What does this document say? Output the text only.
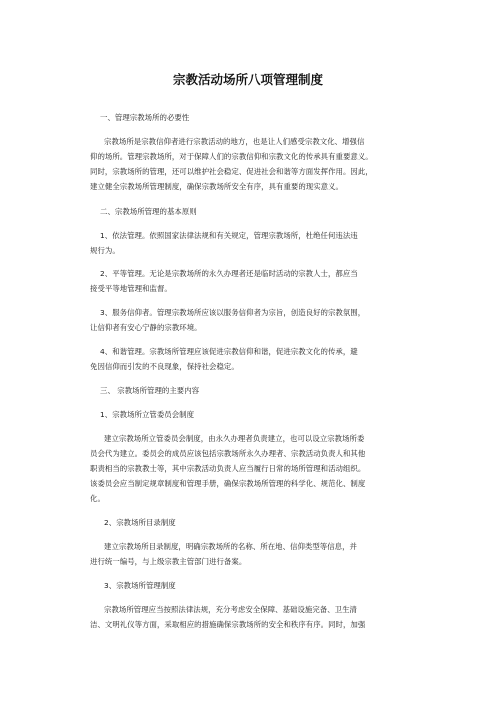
宗教活动场所八项管理制度
一、管理宗教场所的必要性
宗教场所是宗教信仰者进行宗教活动的地方，也是让人们感受宗教文化、增强信
仰的场所。管理宗教场所，对于保障人们的宗教信仰和宗教文化的传承具有重要意义。
同时，宗教场所的管理，还可以维护社会稳定、促进社会和谐等方面发挥作用。因此，
建立健全宗教场所管理制度，确保宗教场所安全有序，具有重要的现实意义。
二、宗教场所管理的基本原则
1、依法管理。依照国家法律法规和有关规定，管理宗教场所，杜绝任何违法违
规行为。
2、平等管理。无论是宗教场所的永久办理者还是临时活动的宗教人士，都应当
接受平等地管理和监督。
3、服务信仰者。管理宗教场所应该以服务信仰者为宗旨，创造良好的宗教氛围，
让信仰者有安心宁静的宗教环境。
4、和谐管理。宗教场所管理应该促进宗教信仰和谐，促进宗教文化的传承，避
免因信仰而引发的不良现象，保持社会稳定。
三、 宗教场所管理的主要内容
1、宗教场所立管委员会制度
建立宗教场所立管委员会制度，由永久办理者负责建立，也可以设立宗教场所委
员会代为建立。委员会的成员应该包括宗教场所永久办理者、宗教活动负责人和其他
职责相当的宗教教士等，其中宗教活动负责人应当履行日常的场所管理和活动组织。
该委员会应当制定规章制度和管理手册，确保宗教场所管理的科学化、规范化、制度
化。
2、宗教场所目录制度
建立宗教场所目录制度，明确宗教场所的名称、所在地、信仰类型等信息，并
进行统一编号，与上级宗教主管部门进行备案。
3、宗教场所管理制度
宗教场所管理应当按照法律法规，充分考虑安全保障、基础设施完备、卫生清
洁、文明礼仪等方面，采取相应的措施确保宗教场所的安全和秩序有序。同时，加强
